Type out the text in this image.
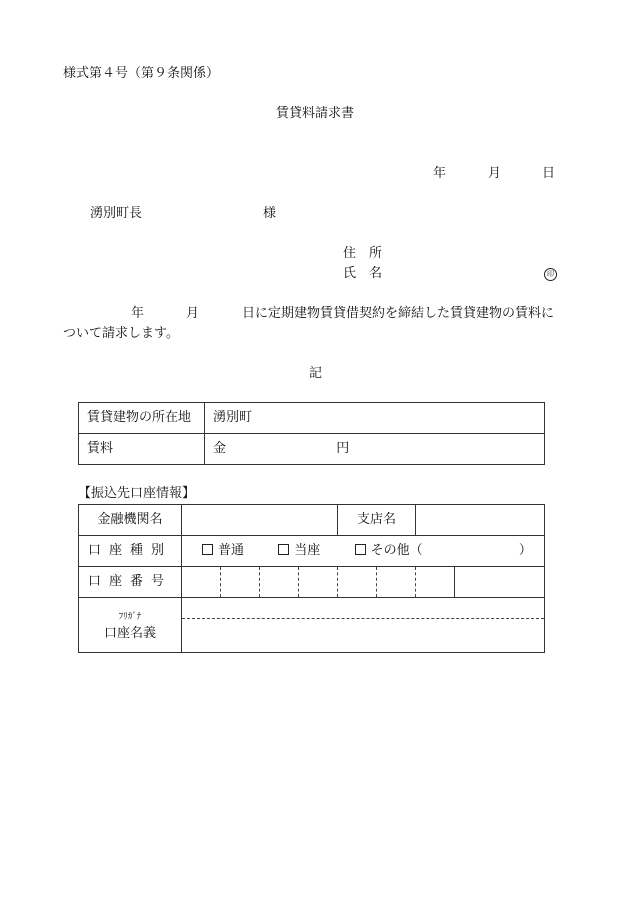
様式第４号（第９条関係）
賃貸料請求書
年	月	日
湧別町長	様
住　所
氏　名	印
年	月	日に定期建物賃貸借契約を締結した賃貸建物の賃料に
ついて請求します。
記
賃貸建物の所在地	湧別町
賃料	金 円
【振込先口座情報】
金融機関名					支店名			
口座種別	普通 当座 その他（ ）							
口座番号								

ﾌﾘｶﾞﾅ
口座名義								
